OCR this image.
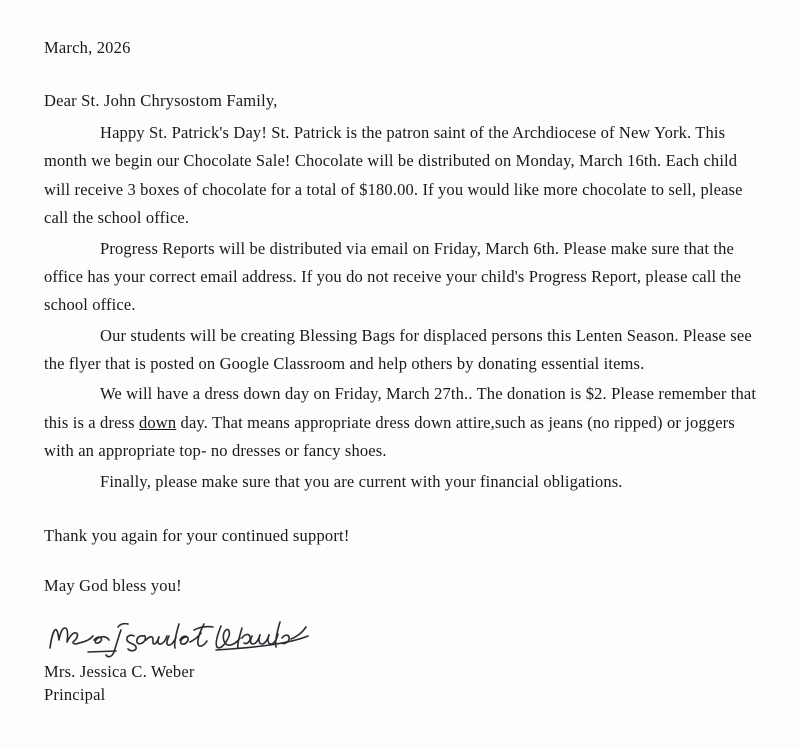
March, 2026
Dear St. John Chrysostom Family,

Happy St. Patrick's Day! St. Patrick is the patron saint of the Archdiocese of New York. This month we begin our Chocolate Sale! Chocolate will be distributed on Monday, March 16th. Each child will receive 3 boxes of chocolate for a total of $180.00. If you would like more chocolate to sell, please call the school office.

Progress Reports will be distributed via email on Friday, March 6th. Please make sure that the office has your correct email address. If you do not receive your child's Progress Report, please call the school office.

Our students will be creating Blessing Bags for displaced persons this Lenten Season. Please see the flyer that is posted on Google Classroom and help others by donating essential items.

We will have a dress down day on Friday, March 27th.. The donation is $2. Please remember that this is a dress down day. That means appropriate dress down attire,such as jeans (no ripped) or joggers with an appropriate top- no dresses or fancy shoes.

Finally, please make sure that you are current with your financial obligations.

Thank you again for your continued support!
May God bless you!
Mrs. Jessica C. Weber
Principal
